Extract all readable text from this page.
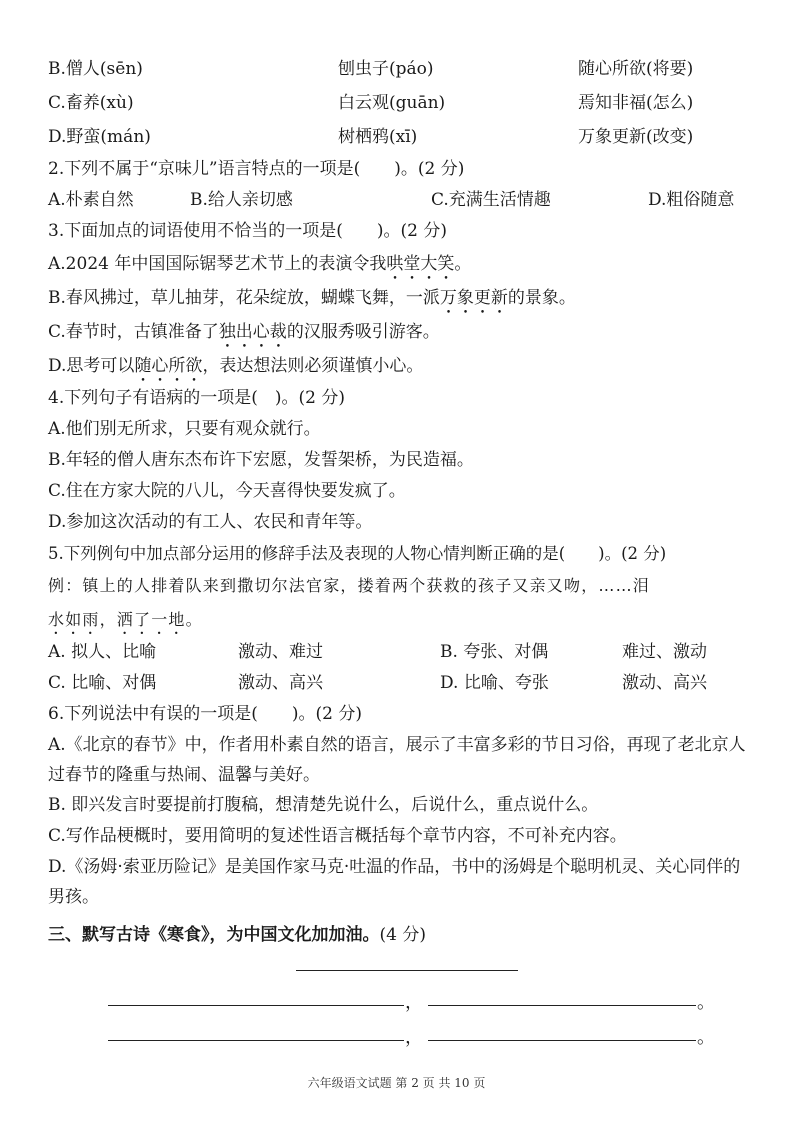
B.僧人(sēn)	刨虫子(páo)	随心所欲(将要)
C.畜养(xù)	白云观(guān)	焉知非福(怎么)
D.野蛮(mán)	树栖鸦(xī)	万象更新(改变)
2.下列不属于“京味儿”语言特点的一项是(　　)。(2 分)
A.朴素自然	B.给人亲切感	C.充满生活情趣	D.粗俗随意
3.下面加点的词语使用不恰当的一项是(　　)。(2 分)
A.2024 年中国国际锯琴艺术节上的表演令我哄堂大笑。
B.春风拂过，草儿抽芽，花朵绽放，蝴蝶飞舞，一派万象更新的景象。
C.春节时，古镇准备了独出心裁的汉服秀吸引游客。
D.思考可以随心所欲，表达想法则必须谨慎小心。
4.下列句子有语病的一项是(　)。(2 分)
A.他们别无所求，只要有观众就行。
B.年轻的僧人唐东杰布许下宏愿，发誓架桥，为民造福。
C.住在方家大院的八儿，今天喜得快要发疯了。
D.参加这次活动的有工人、农民和青年等。
5.下列例句中加点部分运用的修辞手法及表现的人物心情判断正确的是(　　)。(2 分)
例：镇上的人排着队来到撒切尔法官家，搂着两个获救的孩子又亲又吻，……泪
水如雨，洒了一地。
A. 拟人、比喻	激动、难过	B. 夸张、对偶	难过、激动
C. 比喻、对偶	激动、高兴	D. 比喻、夸张	激动、高兴
6.下列说法中有误的一项是(　　)。(2 分)
A.《北京的春节》中，作者用朴素自然的语言，展示了丰富多彩的节日习俗，再现了老北京人过春节的隆重与热闹、温馨与美好。
B. 即兴发言时要提前打腹稿，想清楚先说什么，后说什么，重点说什么。
C.写作品梗概时，要用简明的复述性语言概括每个章节内容，不可补充内容。
D.《汤姆·索亚历险记》是美国作家马克·吐温的作品，书中的汤姆是个聪明机灵、关心同伴的男孩。
三、默写古诗《寒食》，为中国文化加加油。(4 分)
，	。
，	。
六年级语文试题 第 2 页 共 10 页
